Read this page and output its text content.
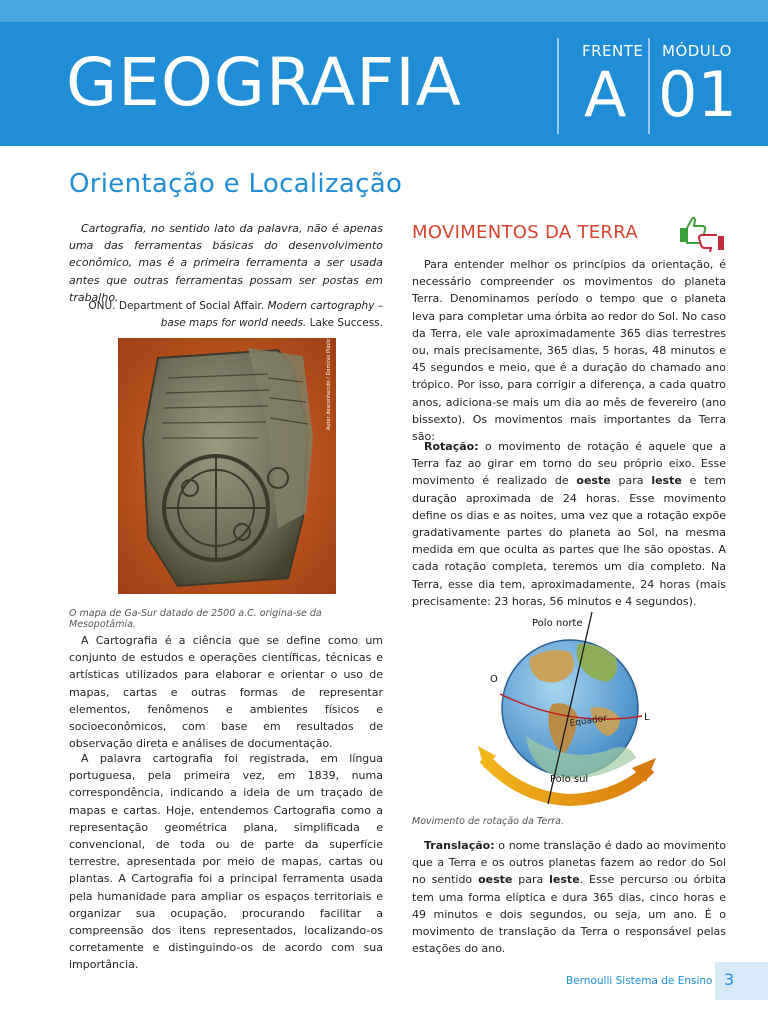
GEOGRAFIA	FRENTE
A
MÓDULO
01
Orientação e Localização

Cartografia, no sentido lato da palavra, não é apenas uma das ferramentas básicas do desenvolvimento econômico, mas é a primeira ferramenta a ser usada antes que outras ferramentas possam ser postas em trabalho.

ONU. Department of Social Affair. Modern cartography –
base maps for world needs. Lake Success.
Autor desconhecido / Domínio Público
O mapa de Ga-Sur datado de 2500 a.C. origina-se da Mesopotâmia.

A Cartografia é a ciência que se define como um conjunto de estudos e operações científicas, técnicas e artísticas utilizados para elaborar e orientar o uso de mapas, cartas e outras formas de representar elementos, fenômenos e ambientes físicos e socioeconômicos, com base em resultados de observação direta e análises de documentação.

A palavra cartografia foi registrada, em língua portuguesa, pela primeira vez, em 1839, numa correspondência, indicando a ideia de um traçado de mapas e cartas. Hoje, entendemos Cartografia como a representação geométrica plana, simplificada e convencional, de toda ou de parte da superfície terrestre, apresentada por meio de mapas, cartas ou plantas. A Cartografia foi a principal ferramenta usada pela humanidade para ampliar os espaços territoriais e organizar sua ocupação, procurando facilitar a compreensão dos itens representados, localizando-os corretamente e distinguindo-os de acordo com sua importância.

MOVIMENTOS DA TERRA

Para entender melhor os princípios da orientação, é necessário compreender os movimentos do planeta Terra. Denominamos período o tempo que o planeta leva para completar uma órbita ao redor do Sol. No caso da Terra, ele vale aproximadamente 365 dias terrestres ou, mais precisamente, 365 dias, 5 horas, 48 minutos e 45 segundos e meio, que é a duração do chamado ano trópico. Por isso, para corrigir a diferença, a cada quatro anos, adiciona-se mais um dia ao mês de fevereiro (ano bissexto). Os movimentos mais importantes da Terra são:

Rotação: o movimento de rotação é aquele que a Terra faz ao girar em torno do seu próprio eixo. Esse movimento é realizado de oeste para leste e tem duração aproximada de 24 horas. Esse movimento define os dias e as noites, uma vez que a rotação expõe gradativamente partes do planeta ao Sol, na mesma medida em que oculta as partes que lhe são opostas. A cada rotação completa, teremos um dia completo. Na Terra, esse dia tem, aproximadamente, 24 horas (mais precisamente: 23 horas, 56 minutos e 4 segundos).

Polo norte
O
L
Equador
Polo sul
Movimento de rotação da Terra.

Translação: o nome translação é dado ao movimento que a Terra e os outros planetas fazem ao redor do Sol no sentido oeste para leste. Esse percurso ou órbita tem uma forma elíptica e dura 365 dias, cinco horas e 49 minutos e dois segundos, ou seja, um ano. É o movimento de translação da Terra o responsável pelas estações do ano.

Bernoulli Sistema de Ensino 3
